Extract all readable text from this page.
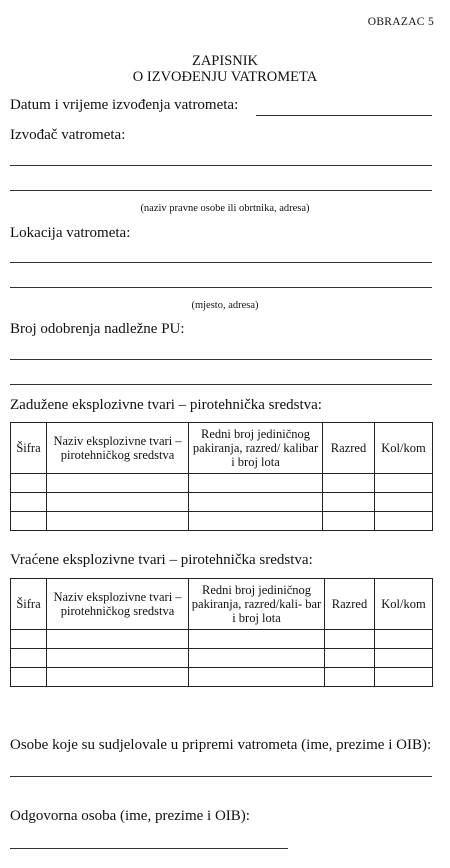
OBRAZAC 5
ZAPISNIK
O IZVOĐENJU VATROMETA
Datum i vrijeme izvođenja vatrometa:
Izvođač vatrometa:
(naziv pravne osobe ili obrtnika, adresa)
Lokacija vatrometa:
(mjesto, adresa)
Broj odobrenja nadležne PU:
Zadužene eksplozivne tvari – pirotehnička sredstva:
Šifra	Naziv eksplozivne tvari – pirotehničkog sredstva	Redni broj jediničnog pakiranja, razred/ kalibar i broj lota	Razred	Kol/kom

Vraćene eksplozivne tvari – pirotehnička sredstva:
Šifra	Naziv eksplozivne tvari – pirotehničkog sredstva	Redni broj jediničnog pakiranja, razred/kali- bar i broj lota	Razred	Kol/kom

Osobe koje su sudjelovale u pripremi vatrometa (ime, prezime i OIB):
Odgovorna osoba (ime, prezime i OIB):
